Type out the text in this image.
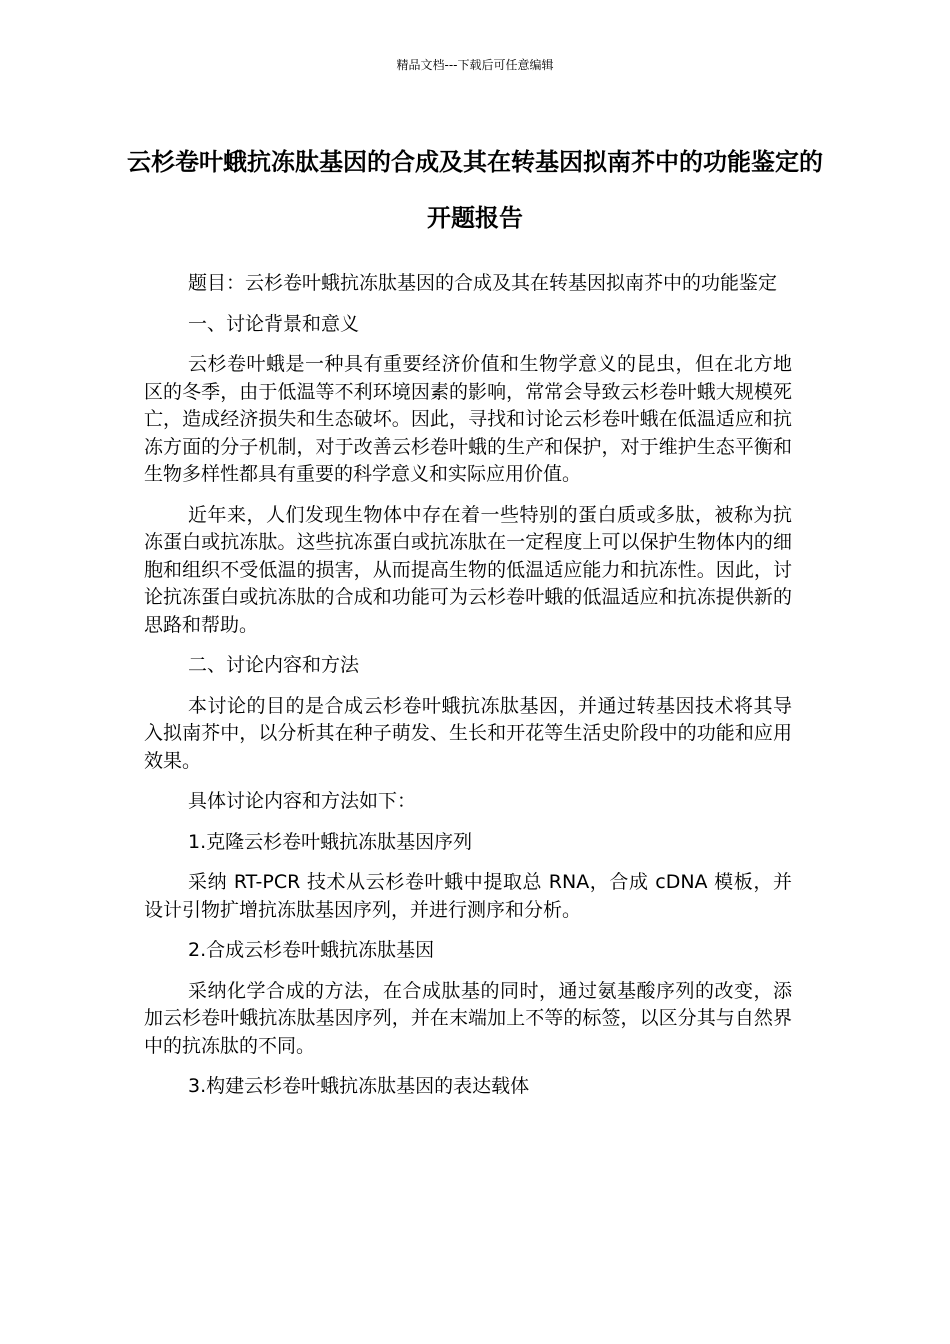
精品文档---下载后可任意编辑
云杉卷叶蛾抗冻肽基因的合成及其在转基因拟南芥中的功能鉴定的开题报告

题目：云杉卷叶蛾抗冻肽基因的合成及其在转基因拟南芥中的功能鉴定

一、讨论背景和意义

云杉卷叶蛾是一种具有重要经济价值和生物学意义的昆虫，但在北方地区的冬季，由于低温等不利环境因素的影响，常常会导致云杉卷叶蛾大规模死亡，造成经济损失和生态破坏。因此，寻找和讨论云杉卷叶蛾在低温适应和抗冻方面的分子机制，对于改善云杉卷叶蛾的生产和保护，对于维护生态平衡和生物多样性都具有重要的科学意义和实际应用价值。

近年来，人们发现生物体中存在着一些特别的蛋白质或多肽，被称为抗冻蛋白或抗冻肽。这些抗冻蛋白或抗冻肽在一定程度上可以保护生物体内的细胞和组织不受低温的损害，从而提高生物的低温适应能力和抗冻性。因此，讨论抗冻蛋白或抗冻肽的合成和功能可为云杉卷叶蛾的低温适应和抗冻提供新的思路和帮助。

二、讨论内容和方法

本讨论的目的是合成云杉卷叶蛾抗冻肽基因，并通过转基因技术将其导入拟南芥中，以分析其在种子萌发、生长和开花等生活史阶段中的功能和应用效果。

具体讨论内容和方法如下：

1.克隆云杉卷叶蛾抗冻肽基因序列

采纳 RT-PCR 技术从云杉卷叶蛾中提取总 RNA，合成 cDNA 模板，并设计引物扩增抗冻肽基因序列，并进行测序和分析。

2.合成云杉卷叶蛾抗冻肽基因

采纳化学合成的方法，在合成肽基的同时，通过氨基酸序列的改变，添加云杉卷叶蛾抗冻肽基因序列，并在末端加上不等的标签，以区分其与自然界中的抗冻肽的不同。

3.构建云杉卷叶蛾抗冻肽基因的表达载体
